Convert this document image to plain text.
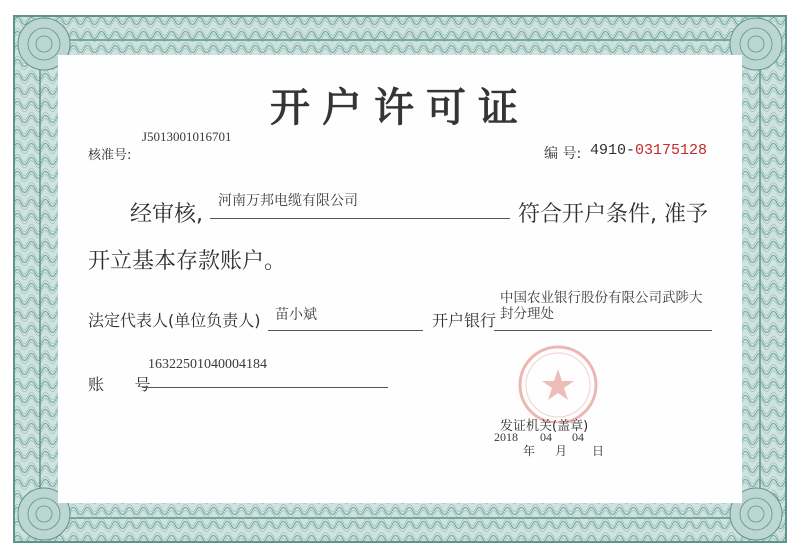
开户许可证
核准号:
J5013001016701
编 号: 4910-03175128
经审核,
河南万邦电缆有限公司
符合开户条件, 准予
开立基本存款账户。
法定代表人(单位负责人) 苗小斌	开户银行
中国农业银行股份有限公司武陟大
封分理处
账      号
16322501040004184
发证机关(盖章)
2018 04 04
年 月 日
